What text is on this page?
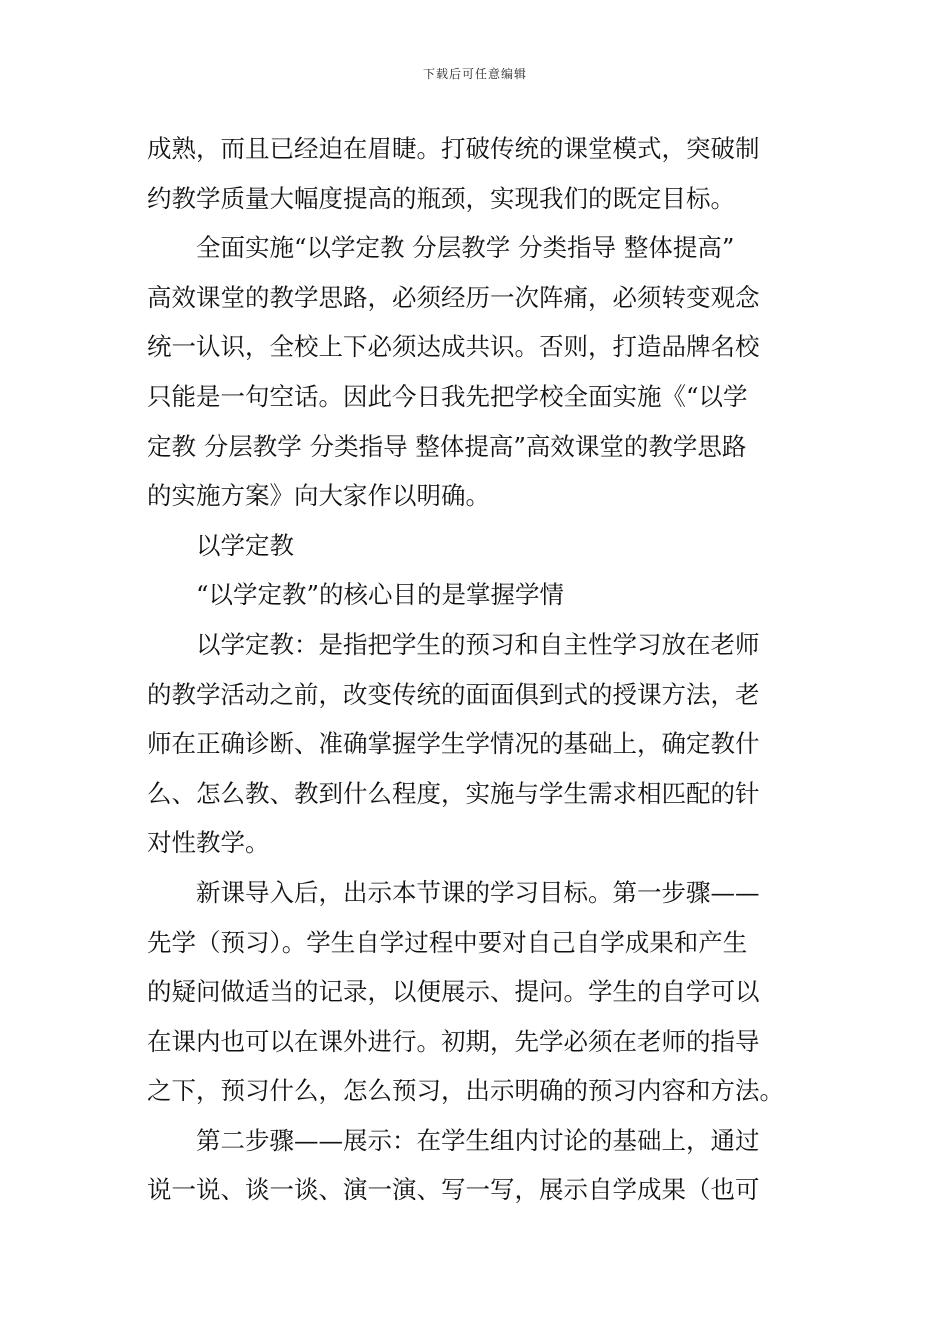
下载后可任意编辑
成熟，而且已经迫在眉睫。打破传统的课堂模式，突破制
约教学质量大幅度提高的瓶颈，实现我们的既定目标。
全面实施“以学定教 分层教学 分类指导 整体提高”
高效课堂的教学思路，必须经历一次阵痛，必须转变观念
统一认识，全校上下必须达成共识。否则，打造品牌名校
只能是一句空话。因此今日我先把学校全面实施《“以学
定教 分层教学 分类指导 整体提高”高效课堂的教学思路
的实施方案》向大家作以明确。
以学定教
“以学定教”的核心目的是掌握学情
以学定教：是指把学生的预习和自主性学习放在老师
的教学活动之前，改变传统的面面俱到式的授课方法，老
师在正确诊断、准确掌握学生学情况的基础上，确定教什
么、怎么教、教到什么程度，实施与学生需求相匹配的针
对性教学。
新课导入后，出示本节课的学习目标。第一步骤——
先学（预习）。学生自学过程中要对自己自学成果和产生
的疑问做适当的记录，以便展示、提问。学生的自学可以
在课内也可以在课外进行。初期，先学必须在老师的指导
之下，预习什么，怎么预习，出示明确的预习内容和方法。
第二步骤——展示：在学生组内讨论的基础上，通过
说一说、谈一谈、演一演、写一写，展示自学成果（也可
